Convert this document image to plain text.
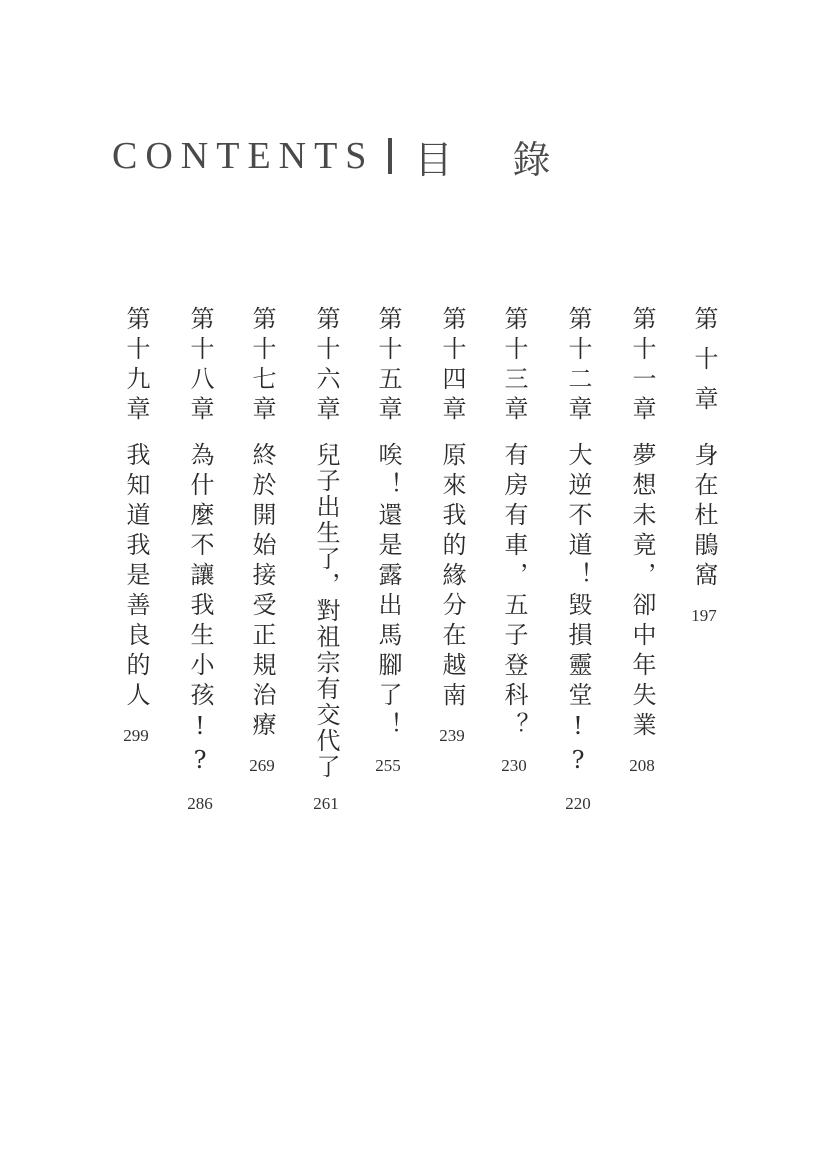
CONTENTS 目 錄
第十章
身在杜鵑窩
197
第十一章
夢想未竟，卻中年失業
208
第十二章
大逆不道！毀損靈堂!?
220
第十三章
有房有車，五子登科？
230
第十四章
原來我的緣分在越南
239
第十五章
唉！還是露出馬腳了！
255
第十六章
兒子出生了，對祖宗有交代了
261
第十七章
終於開始接受正規治療
269
第十八章
為什麼不讓我生小孩!?
286
第十九章
我知道我是善良的人
299
